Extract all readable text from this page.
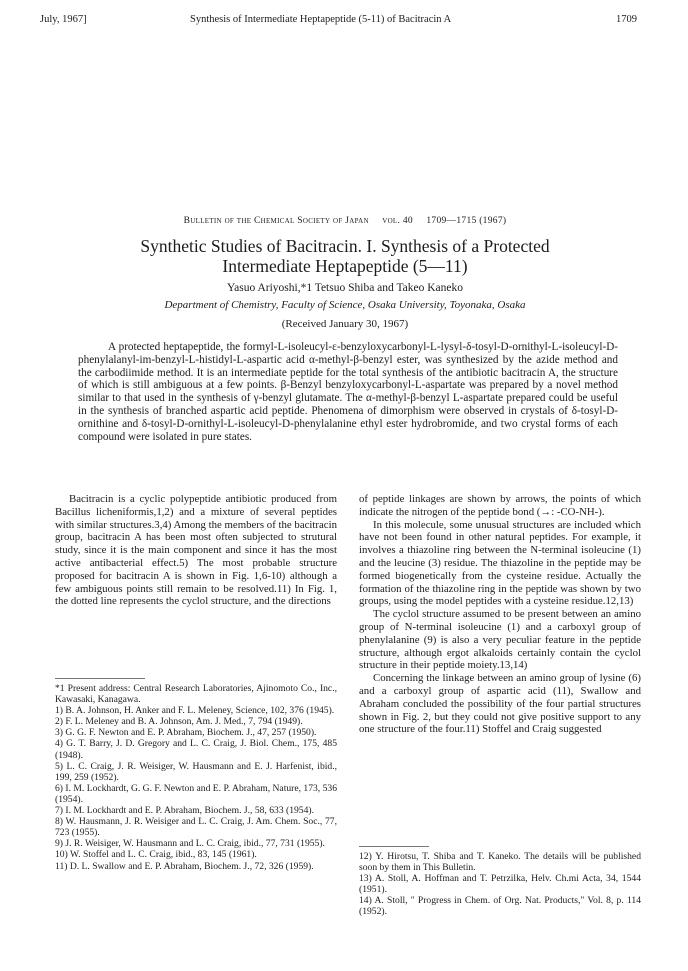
July, 1967]	Synthesis of Intermediate Heptapeptide (5-11) of Bacitracin A	1709
Bulletin of the Chemical Society of Japan vol. 40 1709—1715 (1967)
Synthetic Studies of Bacitracin. I. Synthesis of a Protected
Intermediate Heptapeptide (5—11)
Yasuo Ariyoshi,*1 Tetsuo Shiba and Takeo Kaneko
Department of Chemistry, Faculty of Science, Osaka University, Toyonaka, Osaka
(Received January 30, 1967)

A protected heptapeptide, the formyl-L-isoleucyl-ε-benzyloxycarbonyl-L-lysyl-δ-tosyl-D-ornithyl-L-isoleucyl-D-phenylalanyl-im-benzyl-L-histidyl-L-aspartic acid α-methyl-β-benzyl ester, was synthesized by the azide method and the carbodiimide method. It is an intermediate peptide for the total synthesis of the antibiotic bacitracin A, the structure of which is still ambiguous at a few points. β-Benzyl benzyloxycarbonyl-L-aspartate was prepared by a novel method similar to that used in the synthesis of γ-benzyl glutamate. The α-methyl-β-benzyl L-aspartate prepared could be useful in the synthesis of branched aspartic acid peptide. Phenomena of dimorphism were observed in crystals of δ-tosyl-D-ornithine and δ-tosyl-D-ornithyl-L-isoleucyl-D-phenylalanine ethyl ester hydrobromide, and two crystal forms of each compound were isolated in pure states.

Bacitracin is a cyclic polypeptide antibiotic produced from Bacillus licheniformis,1,2) and a mixture of several peptides with similar structures.3,4) Among the members of the bacitracin group, bacitracin A has been most often subjected to strutural study, since it is the main component and since it has the most active antibacterial effect.5) The most probable structure proposed for bacitracin A is shown in Fig. 1,6-10) although a few ambiguous points still remain to be resolved.11) In Fig. 1, the dotted line represents the cyclol structure, and the directions

of peptide linkages are shown by arrows, the points of which indicate the nitrogen of the peptide bond (→: -CO-NH-).

In this molecule, some unusual structures are included which have not been found in other natural peptides. For example, it involves a thiazoline ring between the N-terminal isoleucine (1) and the leucine (3) residue. The thiazoline in the peptide may be formed biogenetically from the cysteine residue. Actually the formation of the thiazoline ring in the peptide was shown by two groups, using the model peptides with a cysteine residue.12,13)

The cyclol structure assumed to be present between an amino group of N-terminal isoleucine (1) and a carboxyl group of phenylalanine (9) is also a very peculiar feature in the peptide structure, although ergot alkaloids certainly contain the cyclol structure in their peptide moiety.13,14)

Concerning the linkage between an amino group of lysine (6) and a carboxyl group of aspartic acid (11), Swallow and Abraham concluded the possibility of the four partial structures shown in Fig. 2, but they could not give positive support to any one structure of the four.11) Stoffel and Craig suggested

*1 Present address: Central Research Laboratories, Ajinomoto Co., Inc., Kawasaki, Kanagawa.
1) B. A. Johnson, H. Anker and F. L. Meleney, Science, 102, 376 (1945).
2) F. L. Meleney and B. A. Johnson, Am. J. Med., 7, 794 (1949).
3) G. G. F. Newton and E. P. Abraham, Biochem. J., 47, 257 (1950).
4) G. T. Barry, J. D. Gregory and L. C. Craig, J. Biol. Chem., 175, 485 (1948).
5) L. C. Craig, J. R. Weisiger, W. Hausmann and E. J. Harfenist, ibid., 199, 259 (1952).
6) I. M. Lockhardt, G. G. F. Newton and E. P. Abraham, Nature, 173, 536 (1954).
7) I. M. Lockhardt and E. P. Abraham, Biochem. J., 58, 633 (1954).
8) W. Hausmann, J. R. Weisiger and L. C. Craig, J. Am. Chem. Soc., 77, 723 (1955).
9) J. R. Weisiger, W. Hausmann and L. C. Craig, ibid., 77, 731 (1955).
10) W. Stoffel and L. C. Craig, ibid., 83, 145 (1961).
11) D. L. Swallow and E. P. Abraham, Biochem. J., 72, 326 (1959).
12) Y. Hirotsu, T. Shiba and T. Kaneko. The details will be published soon by them in This Bulletin.
13) A. Stoll, A. Hoffman and T. Petrzilka, Helv. Ch.mi Acta, 34, 1544 (1951).
14) A. Stoll, " Progress in Chem. of Org. Nat. Products," Vol. 8, p. 114 (1952).
